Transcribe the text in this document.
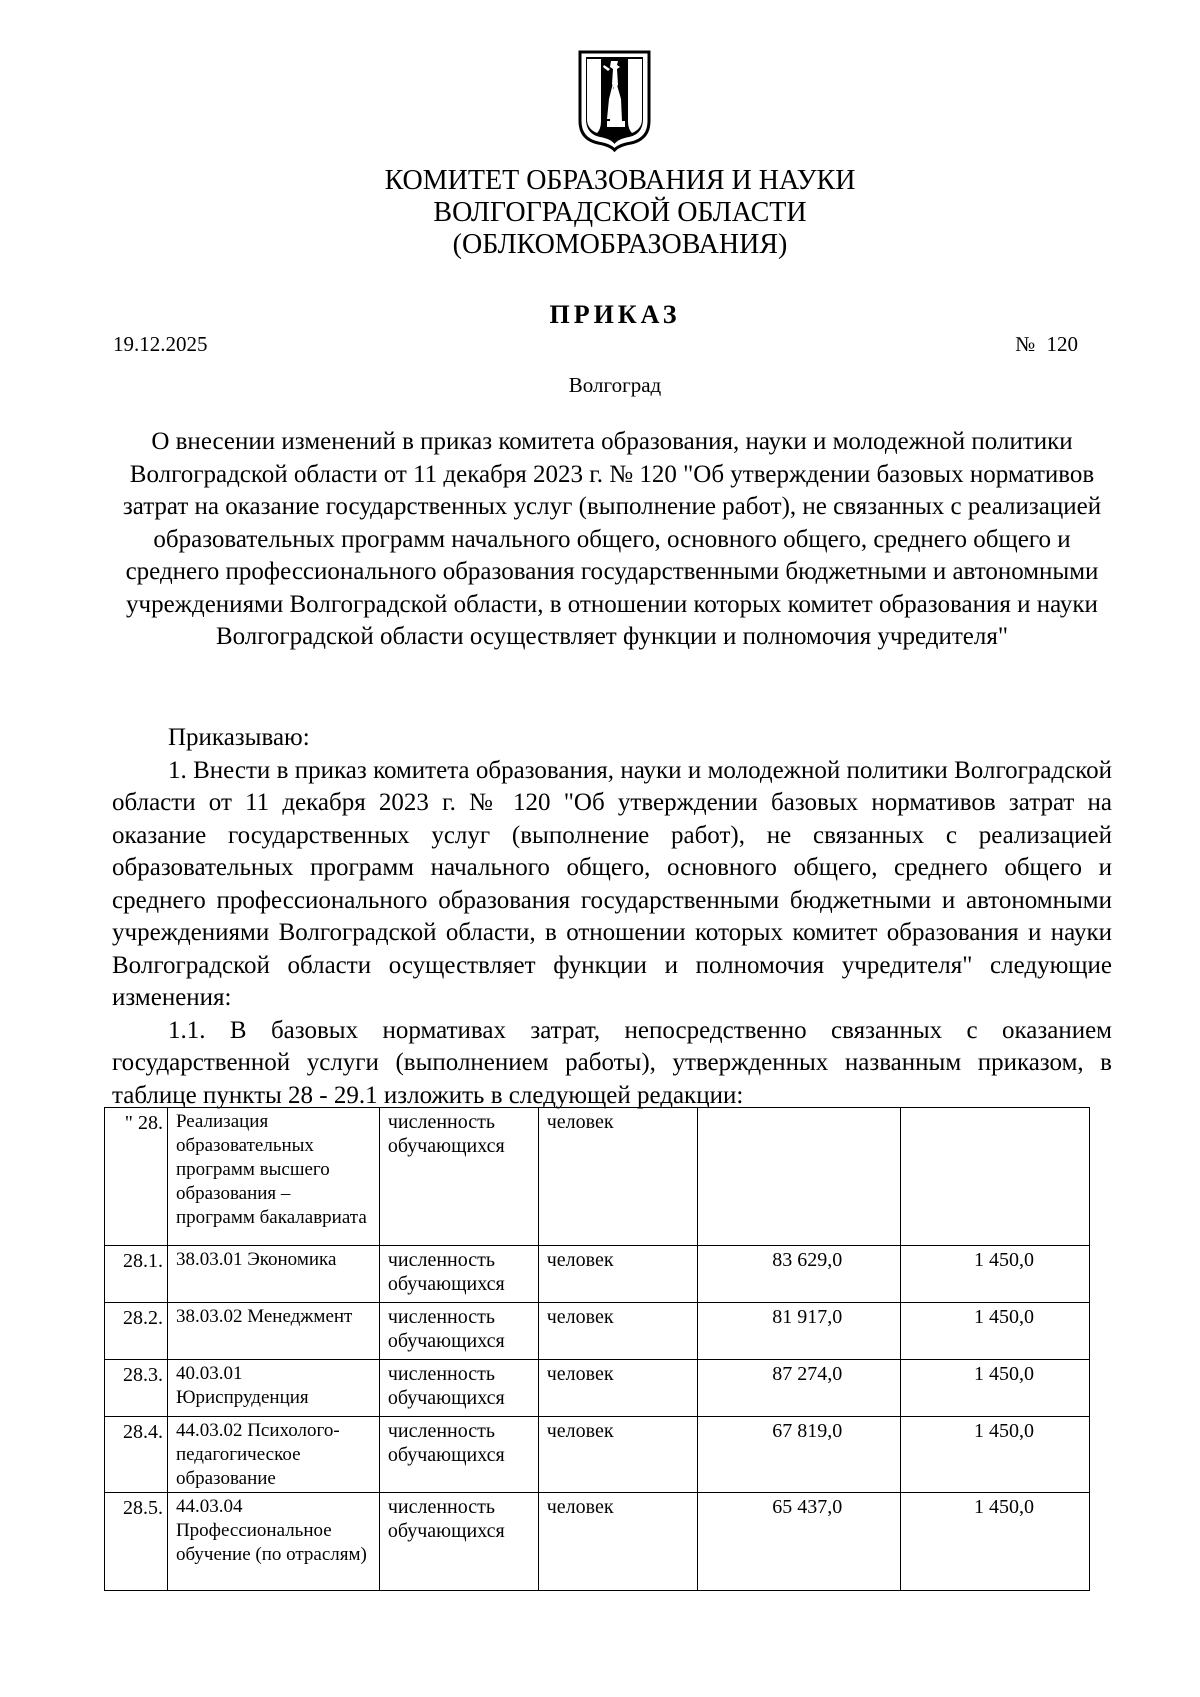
КОМИТЕТ ОБРАЗОВАНИЯ И НАУКИ
ВОЛГОГРАДСКОЙ ОБЛАСТИ
(ОБЛКОМОБРАЗОВАНИЯ)
ПРИКАЗ
19.12.2025	№ 120
Волгоград
О внесении изменений в приказ комитета образования, науки и молодежной политики Волгоградской области от 11 декабря 2023 г. № 120 "Об утверждении базовых нормативов затрат на оказание государственных услуг (выполнение работ), не связанных с реализацией образовательных программ начального общего, основного общего, среднего общего и среднего профессионального образования государственными бюджетными и автономными учреждениями Волгоградской области, в отношении которых комитет образования и науки Волгоградской области осуществляет функции и полномочия учредителя"

Приказываю:

1. Внести в приказ комитета образования, науки и молодежной политики Волгоградской области от 11 декабря 2023 г. № 120 "Об утверждении базовых нормативов затрат на оказание государственных услуг (выполнение работ), не связанных с реализацией образовательных программ начального общего, основного общего, среднего общего и среднего профессионального образования государственными бюджетными и автономными учреждениями Волгоградской области, в отношении которых комитет образования и науки Волгоградской области осуществляет функции и полномочия учредителя" следующие изменения:

1.1. В базовых нормативах затрат, непосредственно связанных с оказанием государственной услуги (выполнением работы), утвержденных названным приказом, в таблице пункты 28 - 29.1 изложить в следующей редакции:

" 28.	Реализация образовательных программ высшего образования – программ бакалавриата	численность обучающихся	человек		
28.1.	38.03.01 Экономика	численность обучающихся	человек	83 629,0	1 450,0
28.2.	38.03.02 Менеджмент	численность обучающихся	человек	81 917,0	1 450,0
28.3.	40.03.01 Юриспруденция	численность обучающихся	человек	87 274,0	1 450,0
28.4.	44.03.02 Психолого-педагогическое образование	численность обучающихся	человек	67 819,0	1 450,0
28.5.	44.03.04 Профессиональное обучение (по отраслям)	численность обучающихся	человек	65 437,0	1 450,0
